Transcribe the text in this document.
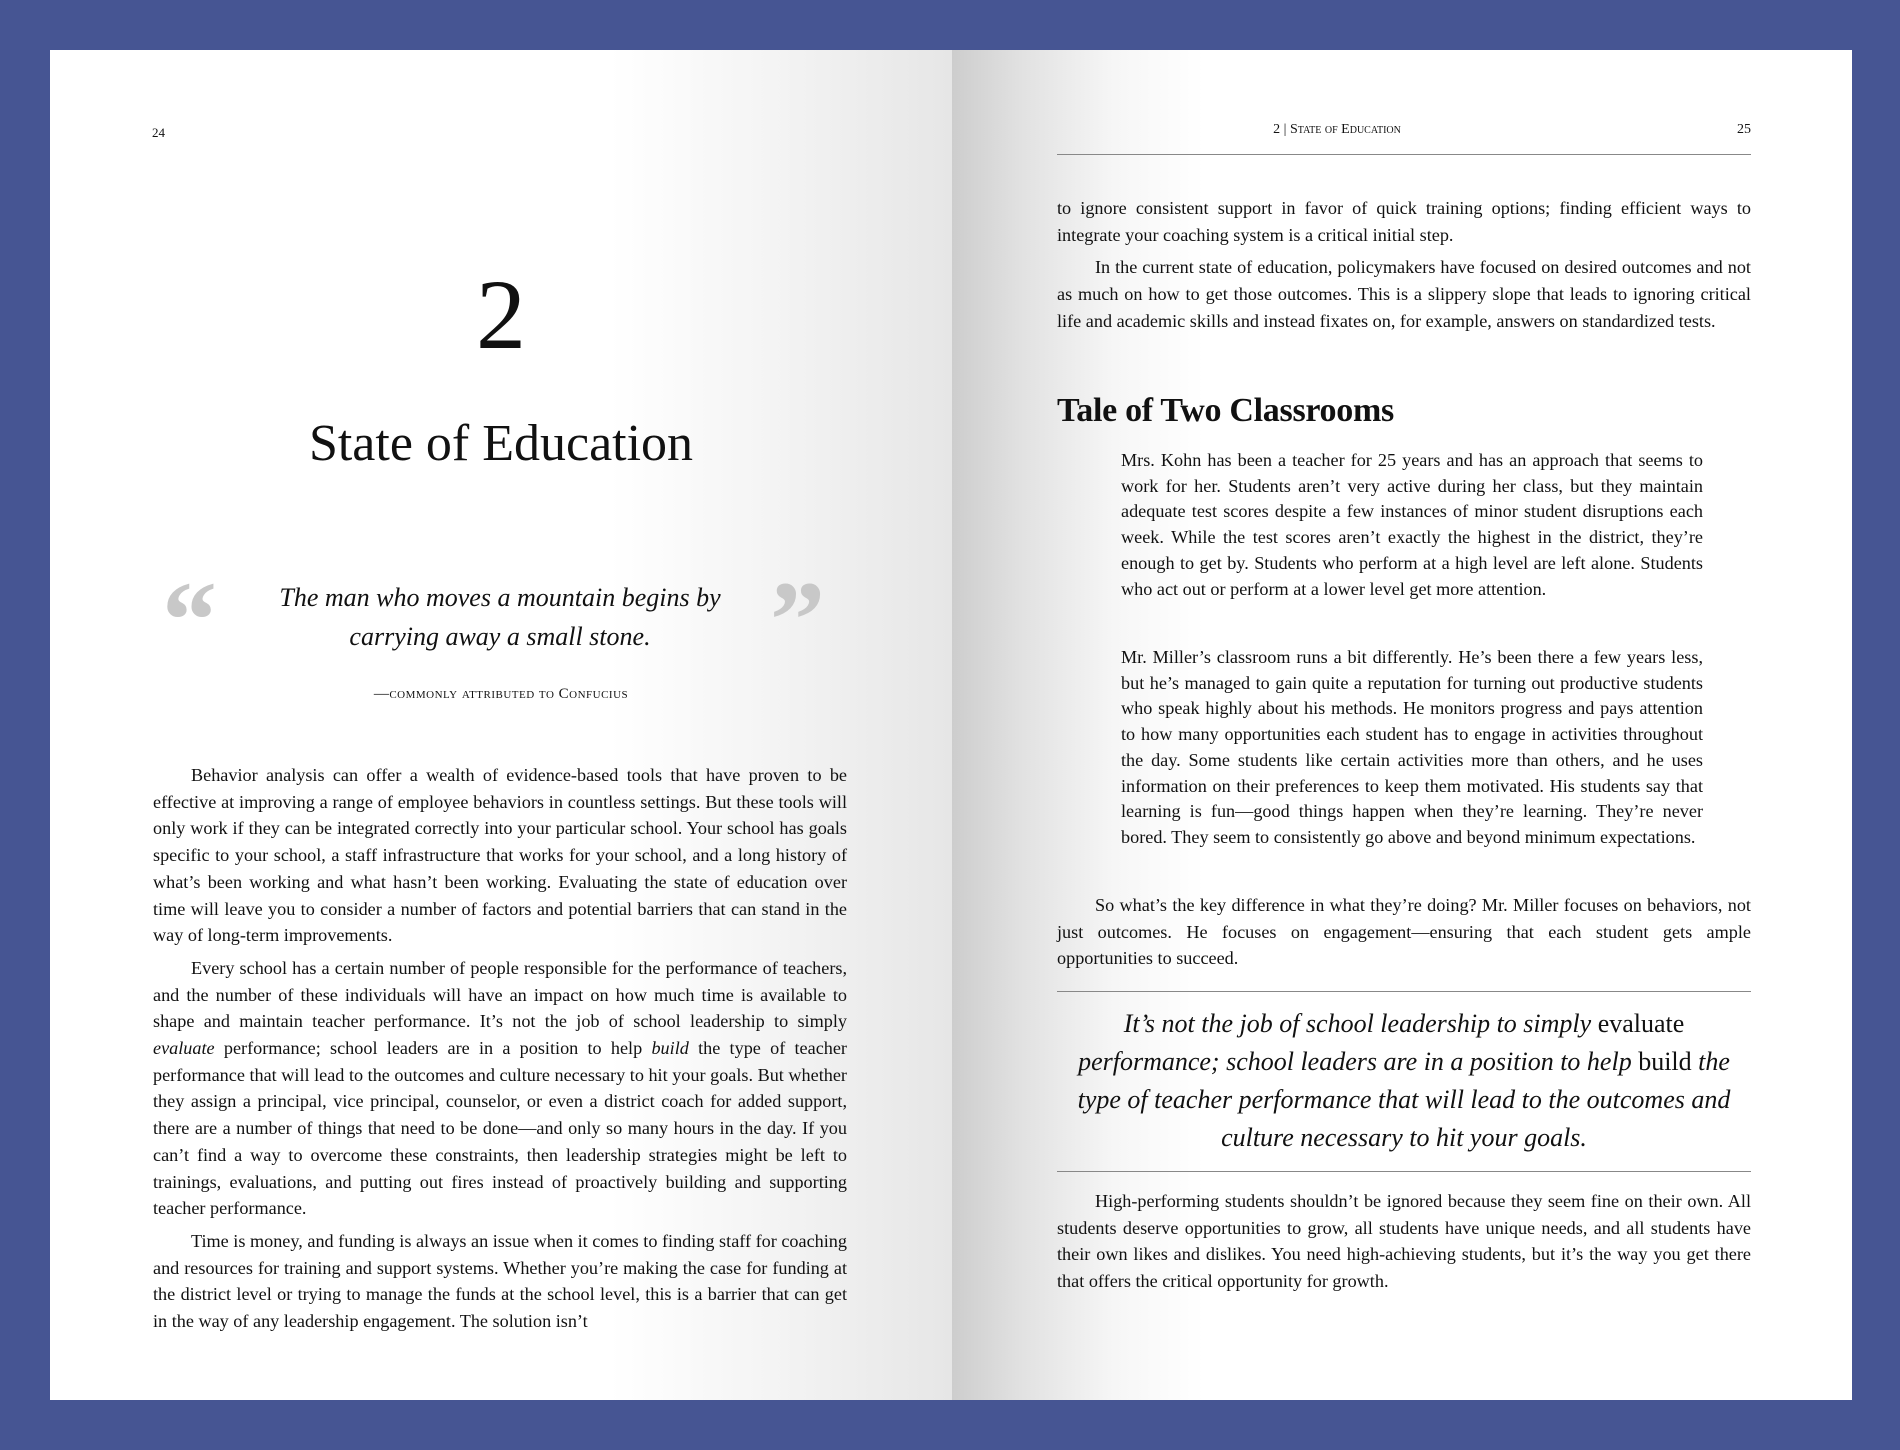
24
2
State of Education
“	”
The man who moves a mountain begins by
carrying away a small stone.
—commonly attributed to Confucius

Behavior analysis can offer a wealth of evidence-based tools that have proven to be effective at improving a range of employee behaviors in countless settings. But these tools will only work if they can be integrated correctly into your particular school. Your school has goals specific to your school, a staff infrastructure that works for your school, and a long history of what’s been working and what hasn’t been working. Evaluating the state of education over time will leave you to consider a number of factors and potential barriers that can stand in the way of long-term improvements.

Every school has a certain number of people responsible for the performance of teachers, and the number of these individuals will have an impact on how much time is available to shape and maintain teacher performance. It’s not the job of school leadership to simply evaluate performance; school leaders are in a position to help build the type of teacher performance that will lead to the outcomes and culture necessary to hit your goals. But whether they assign a principal, vice principal, counselor, or even a district coach for added support, there are a number of things that need to be done—and only so many hours in the day. If you can’t find a way to overcome these constraints, then leadership strategies might be left to trainings, evaluations, and putting out fires instead of proactively building and supporting teacher performance.

Time is money, and funding is always an issue when it comes to finding staff for coaching and resources for training and support systems. Whether you’re making the case for funding at the district level or trying to manage the funds at the school level, this is a barrier that can get in the way of any leadership engagement. The solution isn’t

2 | State of Education	25

to ignore consistent support in favor of quick training options; finding efficient ways to integrate your coaching system is a critical initial step.

In the current state of education, policymakers have focused on desired outcomes and not as much on how to get those outcomes. This is a slippery slope that leads to ignoring critical life and academic skills and instead fixates on, for example, answers on standardized tests.

Tale of Two Classrooms
Mrs. Kohn has been a teacher for 25 years and has an approach that seems to work for her. Students aren’t very active during her class, but they maintain adequate test scores despite a few instances of minor student disruptions each week. While the test scores aren’t exactly the highest in the district, they’re enough to get by. Students who perform at a high level are left alone. Students who act out or perform at a lower level get more attention.
Mr. Miller’s classroom runs a bit differently. He’s been there a few years less, but he’s managed to gain quite a reputation for turning out productive students who speak highly about his methods. He monitors progress and pays attention to how many opportunities each student has to engage in activities throughout the day. Some students like certain activities more than others, and he uses information on their preferences to keep them motivated. His students say that learning is fun—good things happen when they’re learning. They’re never bored. They seem to consistently go above and beyond minimum expectations.

So what’s the key difference in what they’re doing? Mr. Miller focuses on behaviors, not just outcomes. He focuses on engagement—ensuring that each student gets ample opportunities to succeed.

It’s not the job of school leadership to simply evaluate performance; school leaders are in a position to help build the type of teacher performance that will lead to the outcomes and culture necessary to hit your goals.

High-performing students shouldn’t be ignored because they seem fine on their own. All students deserve opportunities to grow, all students have unique needs, and all students have their own likes and dislikes. You need high-achieving students, but it’s the way you get there that offers the critical opportunity for growth.
